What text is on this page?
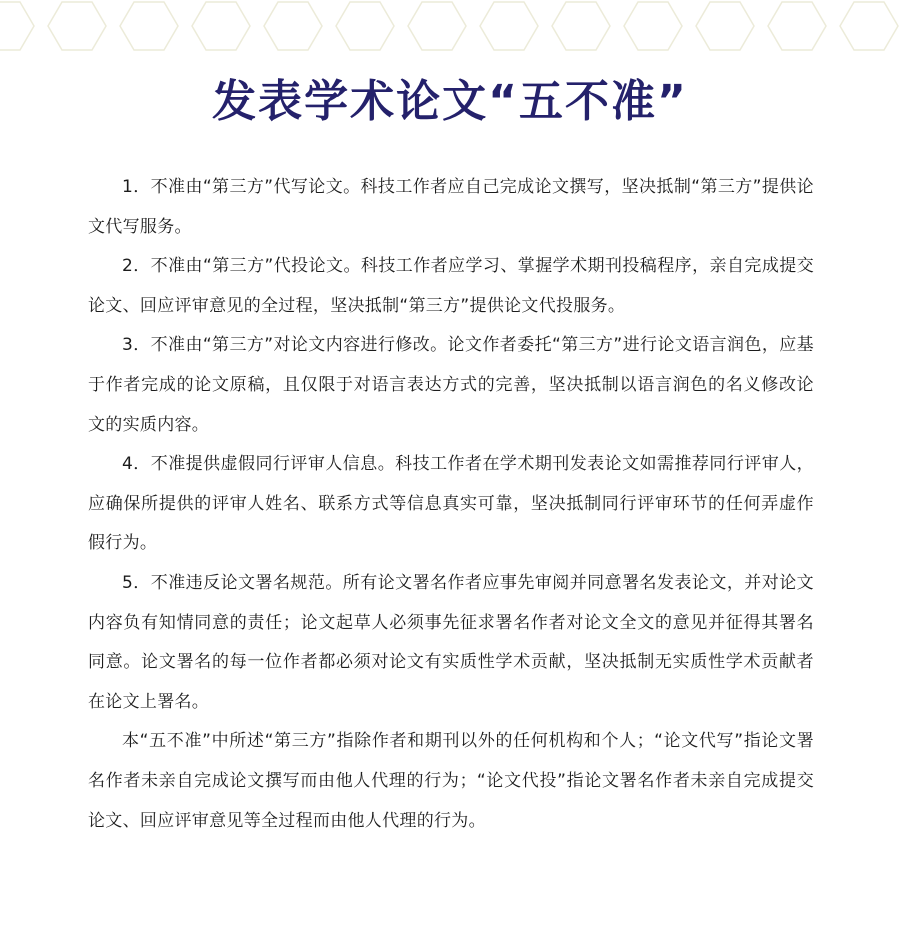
发表学术论文“五不准”

1．不准由“第三方”代写论文。科技工作者应自己完成论文撰写，坚决抵制“第三方”提供论文代写服务。

2．不准由“第三方”代投论文。科技工作者应学习、掌握学术期刊投稿程序，亲自完成提交论文、回应评审意见的全过程，坚决抵制“第三方”提供论文代投服务。

3．不准由“第三方”对论文内容进行修改。论文作者委托“第三方”进行论文语言润色，应基于作者完成的论文原稿，且仅限于对语言表达方式的完善，坚决抵制以语言润色的名义修改论文的实质内容。

4．不准提供虚假同行评审人信息。科技工作者在学术期刊发表论文如需推荐同行评审人，应确保所提供的评审人姓名、联系方式等信息真实可靠，坚决抵制同行评审环节的任何弄虚作假行为。

5．不准违反论文署名规范。所有论文署名作者应事先审阅并同意署名发表论文，并对论文内容负有知情同意的责任；论文起草人必须事先征求署名作者对论文全文的意见并征得其署名同意。论文署名的每一位作者都必须对论文有实质性学术贡献，坚决抵制无实质性学术贡献者在论文上署名。

本“五不准”中所述“第三方”指除作者和期刊以外的任何机构和个人；“论文代写”指论文署名作者未亲自完成论文撰写而由他人代理的行为；“论文代投”指论文署名作者未亲自完成提交论文、回应评审意见等全过程而由他人代理的行为。
